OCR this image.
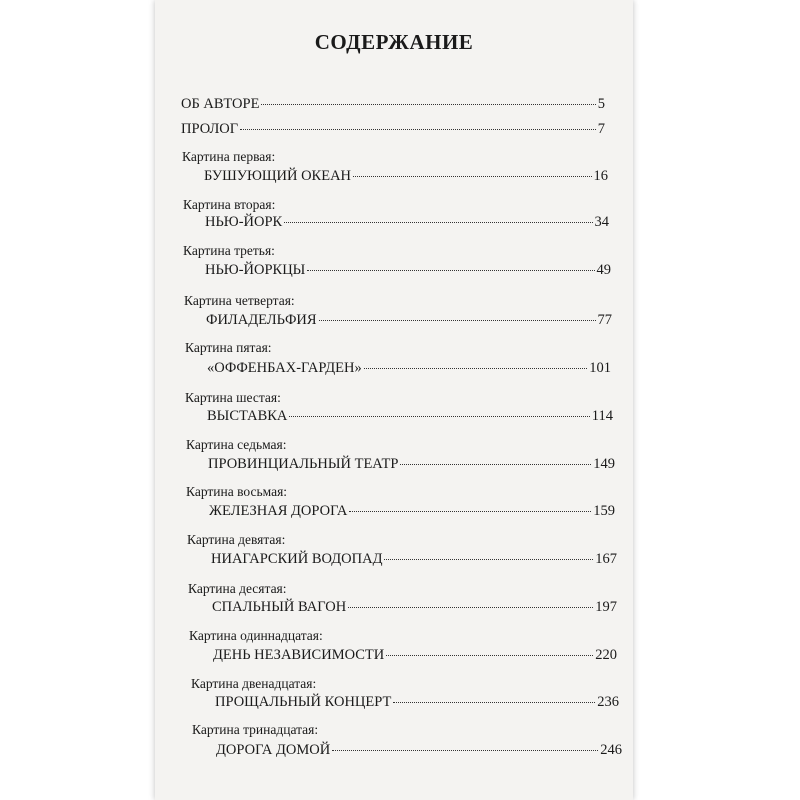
СОДЕРЖАНИЕ
ОБ АВТОРЕ	5
ПРОЛОГ	7
Картина первая:
БУШУЮЩИЙ ОКЕАН	16
Картина вторая:
НЬЮ-ЙОРК	34
Картина третья:
НЬЮ-ЙОРКЦЫ	49
Картина четвертая:
ФИЛАДЕЛЬФИЯ	77
Картина пятая:
«ОФФЕНБАХ-ГАРДЕН»	101
Картина шестая:
ВЫСТАВКА	114
Картина седьмая:
ПРОВИНЦИАЛЬНЫЙ ТЕАТР	149
Картина восьмая:
ЖЕЛЕЗНАЯ ДОРОГА	159
Картина девятая:
НИАГАРСКИЙ ВОДОПАД	167
Картина десятая:
СПАЛЬНЫЙ ВАГОН	197
Картина одиннадцатая:
ДЕНЬ НЕЗАВИСИМОСТИ	220
Картина двенадцатая:
ПРОЩАЛЬНЫЙ КОНЦЕРТ	236
Картина тринадцатая:
ДОРОГА ДОМОЙ	246
